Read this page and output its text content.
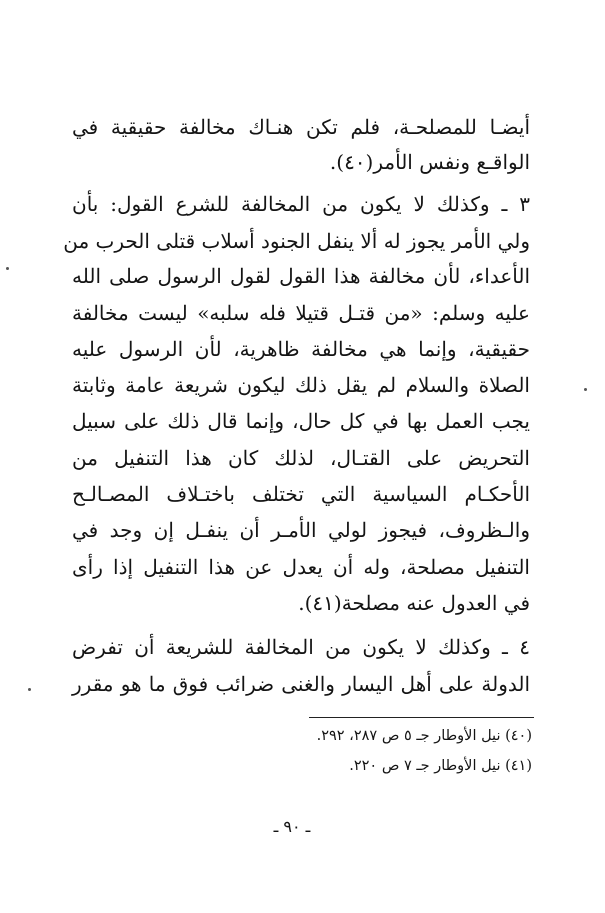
أيضـا للمصلحـة، فلم تكن هنـاك مخالفة حقيقية في
الواقـع ونفس الأمر(٤٠).
٣ ـ وكذلك لا يكون من المخالفة للشرع القول: بأن
ولي الأمر يجوز له ألا ينفل الجنود أسلاب قتلى الحرب من
الأعداء، لأن مخالفة هذا القول لقول الرسول صلى الله
عليه وسلم: «من قتـل قتيلا فله سلبه» ليست مخالفة
حقيقية، وإنما هي مخالفة ظاهرية، لأن الرسول عليه
الصلاة والسلام لم يقل ذلك ليكون شريعة عامة وثابتة
يجب العمل بها في كل حال، وإنما قال ذلك على سبيل
التحريض على القتـال، لذلك كان هذا التنفيل من
الأحكـام السياسية التي تختلف باختـلاف المصـالـح
والـظروف، فيجوز لولي الأمـر أن ينفـل إن وجد في
التنفيل مصلحة، وله أن يعدل عن هذا التنفيل إذا رأى
في العدول عنه مصلحة(٤١).
٤ ـ وكذلك لا يكون من المخالفة للشريعة أن تفرض
الدولة على أهل اليسار والغنى ضرائب فوق ما هو مقرر
(٤٠) نيل الأوطار جـ ٥ ص ٢٨٧، ٢٩٢.
(٤١) نيل الأوطار جـ ٧ ص ٢٢٠.
ـ ٩٠ ـ
